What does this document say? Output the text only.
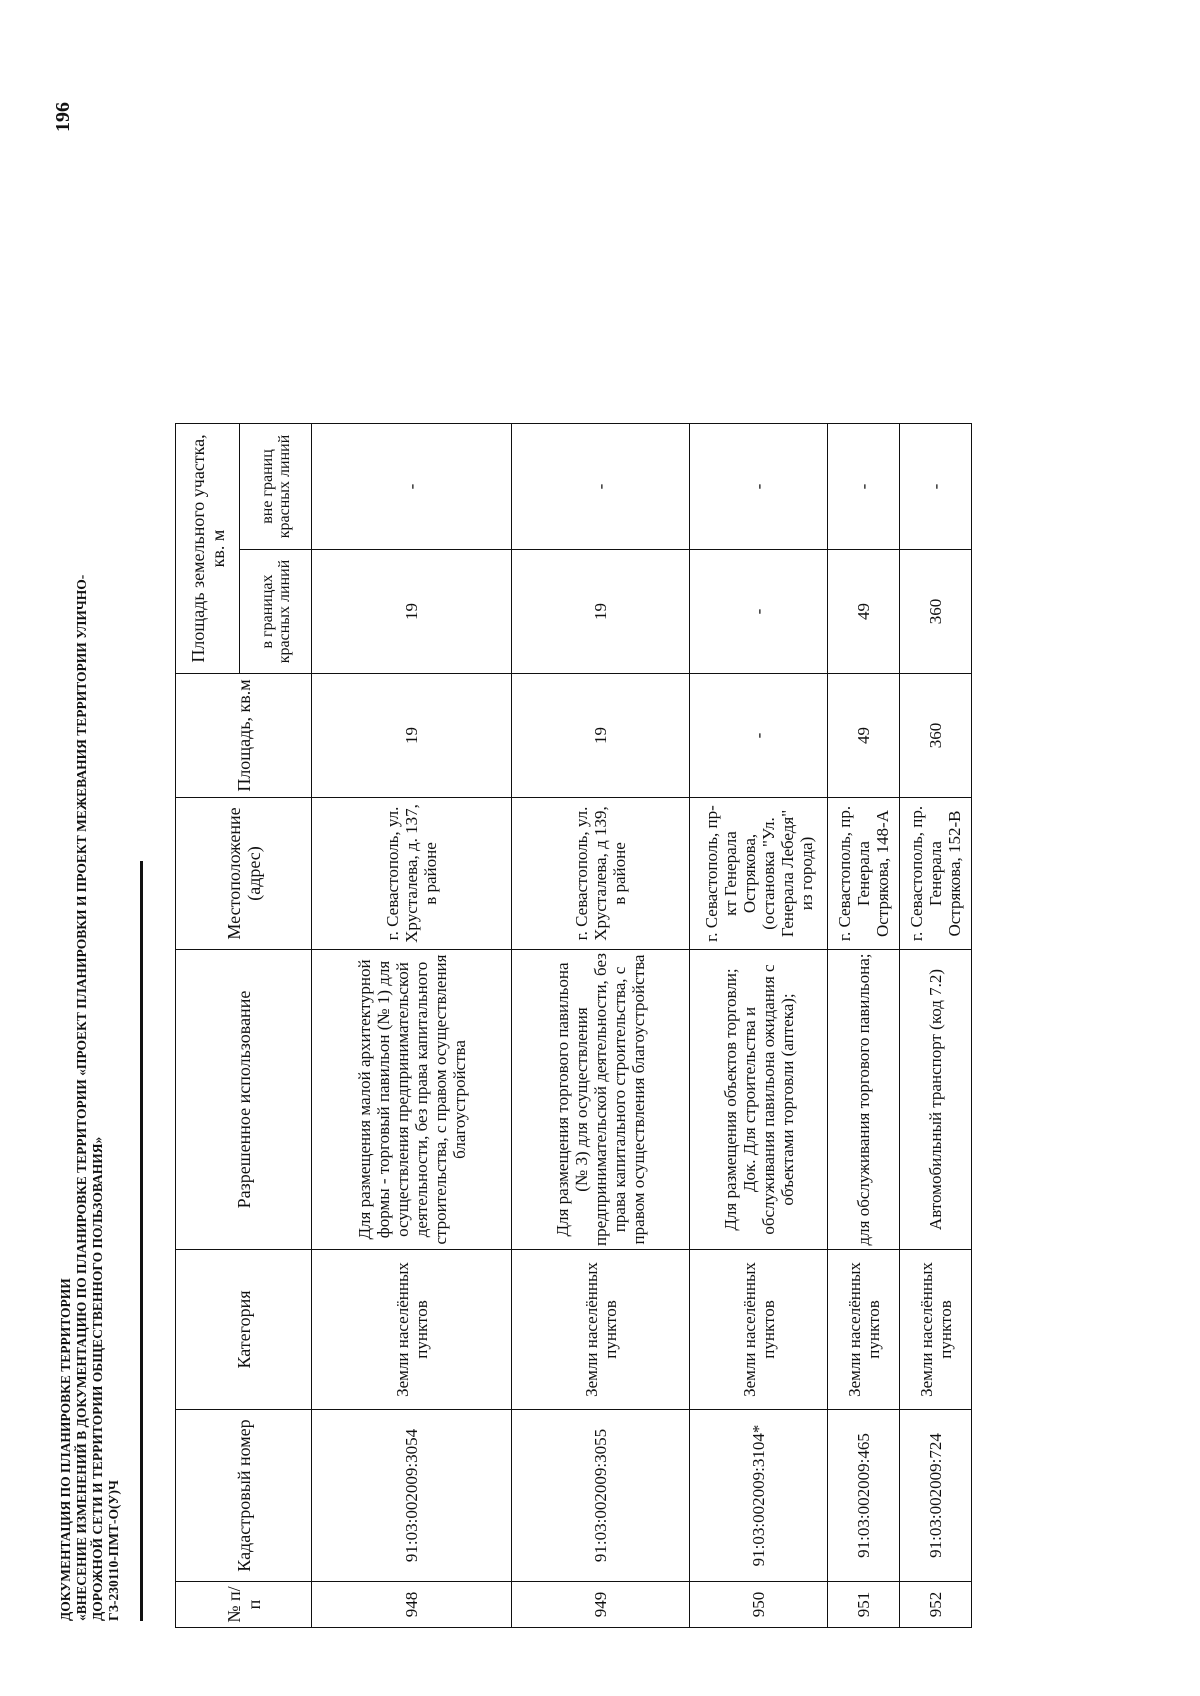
ДОКУМЕНТАЦИЯ ПО ПЛАНИРОВКЕ ТЕРРИТОРИИ «ВНЕСЕНИЕ ИЗМЕНЕНИЙ В ДОКУМЕНТАЦИЮ ПО ПЛАНИРОВКЕ ТЕРРИТОРИИ «ПРОЕКТ ПЛАНИРОВКИ И ПРОЕКТ МЕЖЕВАНИЯ ТЕРРИТОРИИ УЛИЧНО- ДОРОЖНОЙ СЕТИ И ТЕРРИТОРИИ ОБЩЕСТВЕННОГО ПОЛЬЗОВАНИЯ» ГЗ-230110-ПМТ-О(У)Ч
196
№ п/п	Кадастровый номер	Категория	Разрешенное использование	Местоположение (адрес)	Площадь, кв.м	Площадь земельного участка, кв. м	
						в границах красных линий	вне границ красных линий
948	91:03:002009:3054	Земли населённых пунктов	Для размещения малой архитектурной формы - торговый павильон (№ 1) для осуществления предпринимательской деятельности, без права капитального строительства, с правом осуществления благоустройства	г. Севастополь, ул. Хрусталева, д. 137, в районе	19	19	-
949	91:03:002009:3055	Земли населённых пунктов	Для размещения торгового павильона (№ 3) для осуществления предпринимательской деятельности, без права капитального строительства, с правом осуществления благоустройства	г. Севастополь, ул. Хрусталева, д 139, в районе	19	19	-
950	91:03:002009:3104*	Земли населённых пунктов	Для размещения объектов торговли; Док. Для строительства и обслуживания павильона ожидания с объектами торговли (аптека);	г. Севастополь, пр-кт Генерала Острякова, (остановка "Ул. Генерала Лебедя" из города)	-	-	-
951	91:03:002009:465	Земли населённых пунктов	для обслуживания торгового павильона;	г. Севастополь, пр. Генерала Острякова, 148-А	49	49	-
952	91:03:002009:724	Земли населённых пунктов	Автомобильный транспорт (код 7.2)	г. Севастополь, пр. Генерала Острякова, 152-В	360	360	-
